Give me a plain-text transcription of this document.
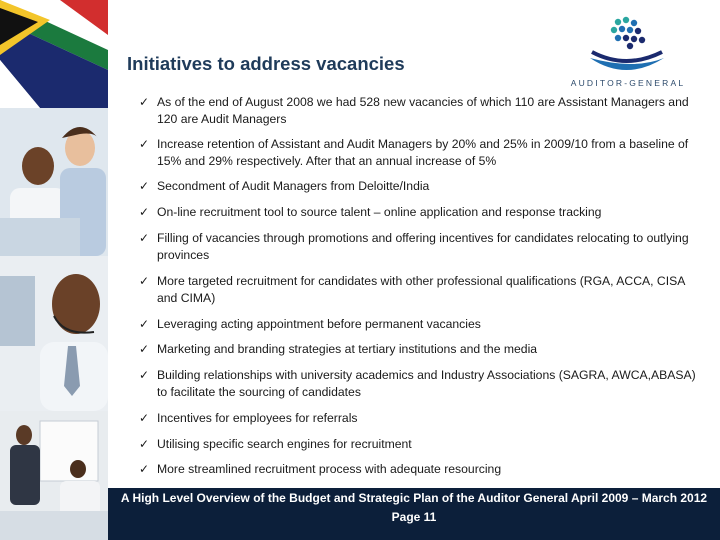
Initiatives to address vacancies
AUDITOR-GENERAL
✓ As of the end of August 2008 we had 528 new vacancies of which 110 are Assistant Managers and 120 are Audit Managers
✓ Increase retention of Assistant and Audit Managers by 20% and 25% in 2009/10 from a baseline of 15% and 29% respectively. After that an annual increase of 5%
✓ Secondment of Audit Managers from Deloitte/India
✓ On-line recruitment tool to source talent – online application and response tracking
✓ Filling of vacancies through promotions and offering incentives for candidates relocating to outlying provinces
✓ More targeted recruitment for candidates with other professional qualifications (RGA, ACCA, CISA and CIMA)
✓ Leveraging acting appointment before permanent vacancies
✓ Marketing and branding strategies at tertiary institutions and the media
✓ Building relationships with university academics and Industry Associations (SAGRA, AWCA,ABASA) to facilitate the sourcing of candidates
✓ Incentives for employees for referrals
✓ Utilising specific search engines for recruitment
✓ More streamlined recruitment process with adequate resourcing
A High Level Overview of the Budget and Strategic Plan of the Auditor General April 2009 – March 2012
Page 11
